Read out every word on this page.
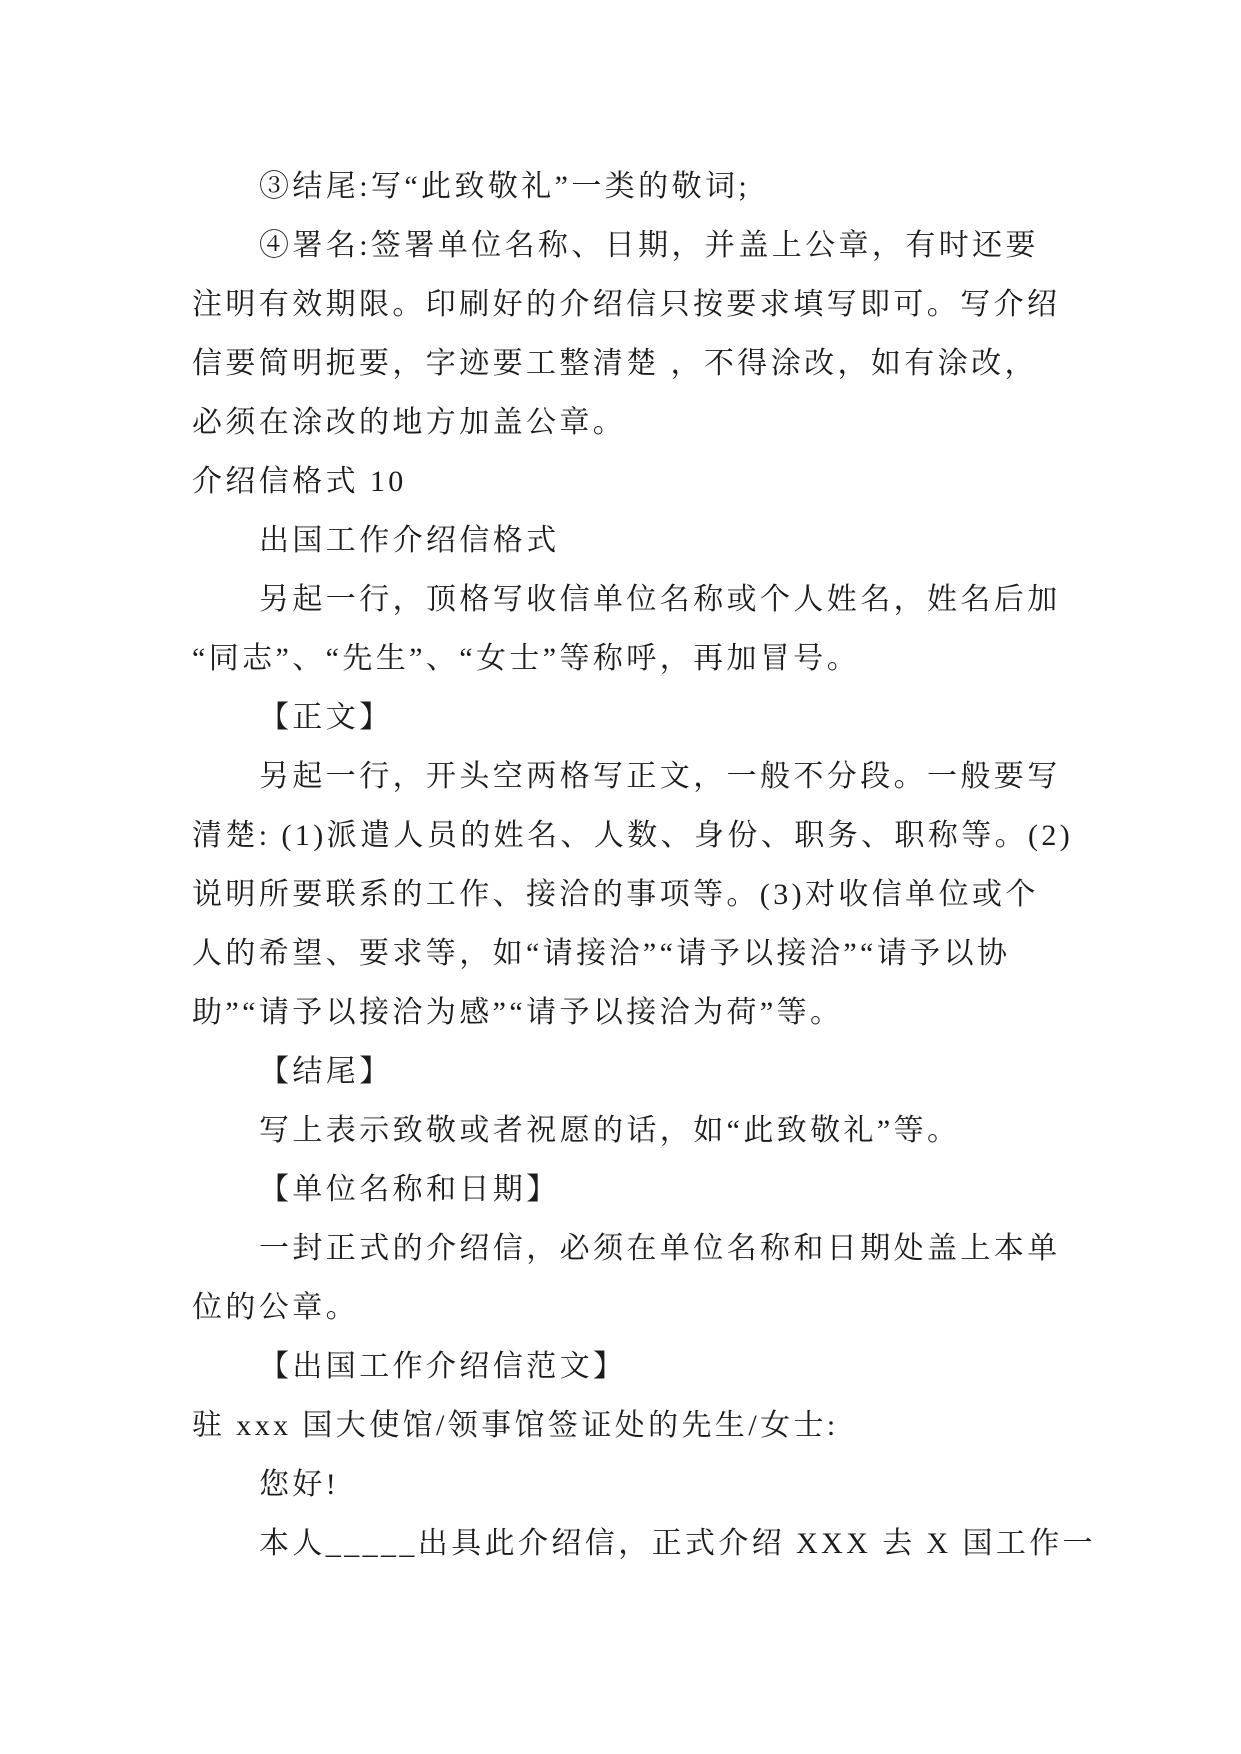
③结尾:写“此致敬礼”一类的敬词;
④署名:签署单位名称、日期，并盖上公章，有时还要
注明有效期限。印刷好的介绍信只按要求填写即可。写介绍
信要简明扼要，字迹要工整清楚 ，不得涂改，如有涂改，
必须在涂改的地方加盖公章。
介绍信格式 10
出国工作介绍信格式
另起一行，顶格写收信单位名称或个人姓名，姓名后加
“同志”、“先生”、“女士”等称呼，再加冒号。
【正文】
另起一行，开头空两格写正文，一般不分段。一般要写
清楚: (1)派遣人员的姓名、人数、身份、职务、职称等。(2)
说明所要联系的工作、接洽的事项等。(3)对收信单位或个
人的希望、要求等，如“请接洽”“请予以接洽”“请予以协
助”“请予以接洽为感”“请予以接洽为荷”等。
【结尾】
写上表示致敬或者祝愿的话，如“此致敬礼”等。
【单位名称和日期】
一封正式的介绍信，必须在单位名称和日期处盖上本单
位的公章。
【出国工作介绍信范文】
驻 xxx 国大使馆/领事馆签证处的先生/女士:
您好!
本人_____出具此介绍信，正式介绍 XXX 去 X 国工作一
